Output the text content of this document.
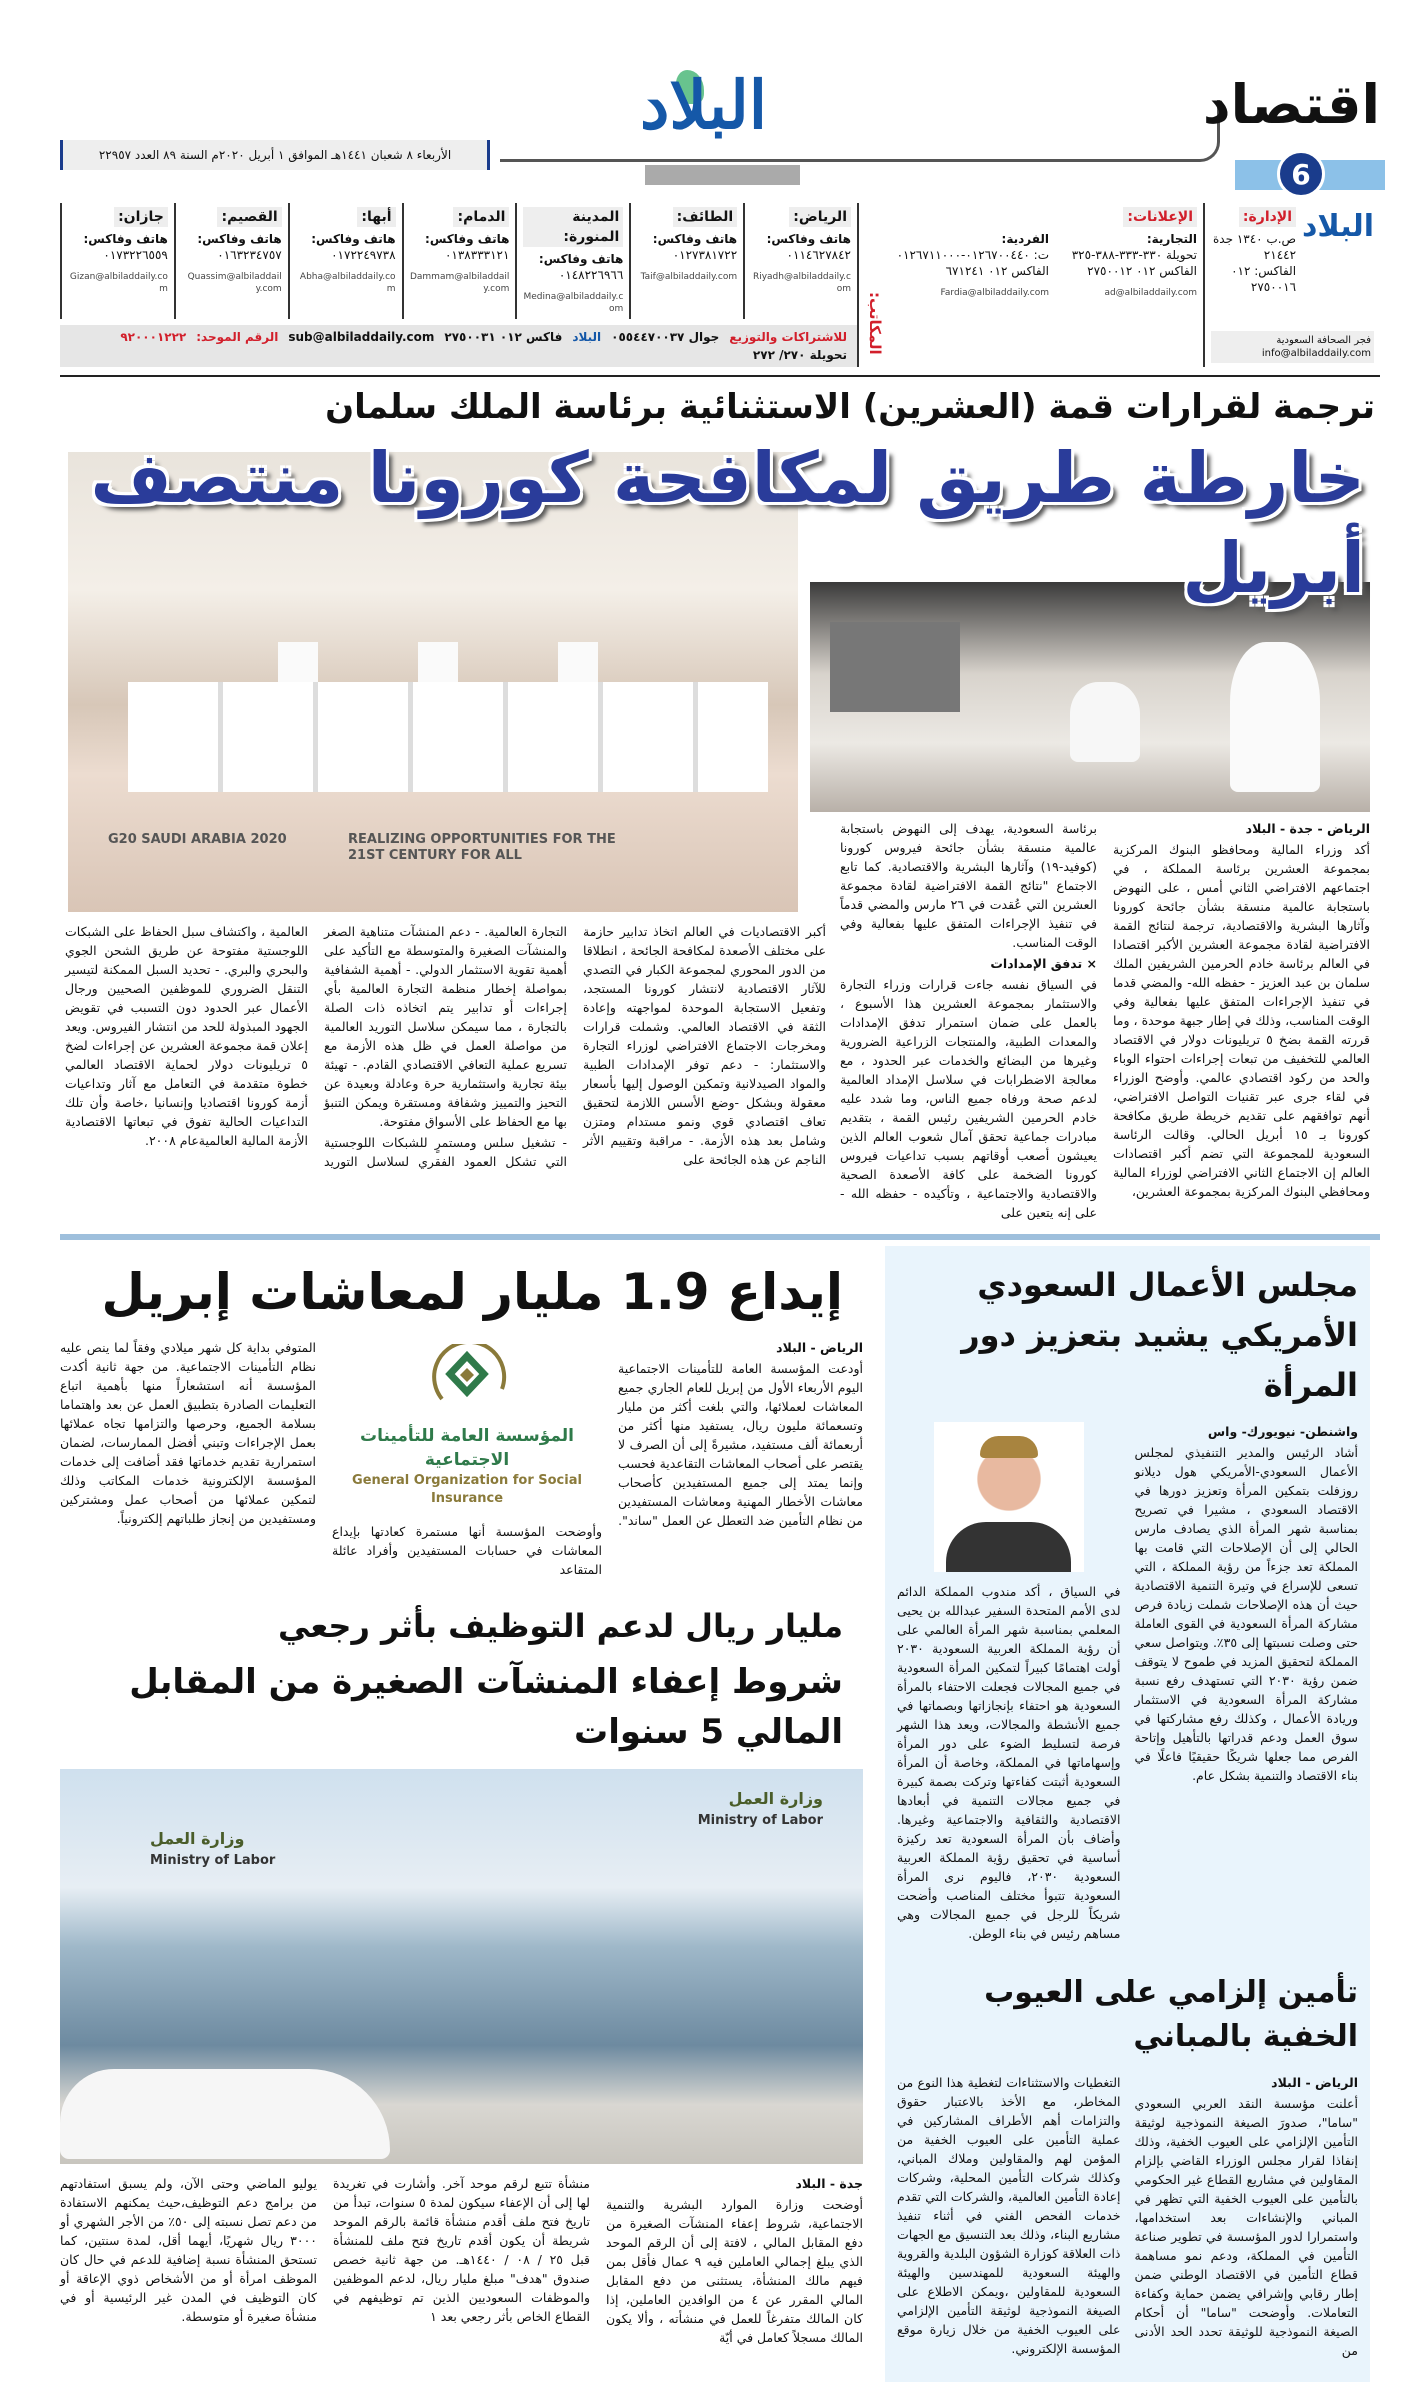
اقتصاد
6
البلاد
الأربعاء ٨ شعبان ١٤٤١هـ الموافق ١ أبريل ٢٠٢٠م السنة ٨٩ العدد ٢٢٩٥٧
البلاد
الإدارة:
ص.ب ١٣٤٠ جدة ٢١٤٤٢
الفاكس: ٠١٢ ٢٧٥٠٠١٦
فجر الصحافة السعودية
info@albiladdaily.com
الإعلانات:
التجارية:
تحويلة ٣٣٠-٣٣٣-٣٨٨-٣٢٥
الفاكس ٠١٢ ٢٧٥٠٠١٢
ad@albiladdaily.com
الفردية:
ت: ٠١٢٦٧٠٠٤٤٠-٠١٢٦٧١١٠٠٠
الفاكس ٠١٢ ٦٧١٢٤١
Fardia@albiladdaily.com
المكاتب:
الرياض:
هاتف وفاكس:
٠١١٤٦٢٧٨٤٢
Riyadh@albiladdaily.com
الطائف:
هاتف وفاكس:
٠١٢٧٣٨١٧٢٢
Taif@albiladdaily.com
المدينة المنورة:
هاتف وفاكس:
٠١٤٨٢٢٦٩٦٦
Medina@albiladdaily.com
الدمام:
هاتف وفاكس:
٠١٣٨٣٣٣١٢١
Dammam@albiladdaily.com
أبها:
هاتف وفاكس:
٠١٧٢٢٤٩٧٣٨
Abha@albiladdaily.com
القصيم:
هاتف وفاكس:
٠١٦٣٢٣٤٧٥٧
Quassim@albiladdaily.com
جازان:
هاتف وفاكس:
٠١٧٣٢٢٦٥٥٩
Gizan@albiladdaily.com
للاشتراكات والتوزيع
جوال ٠٥٥٤٤٧٠٠٣٧
البلاد
فاكس ٠١٢ ٢٧٥٠٠٣١
sub@albiladdaily.com
الرقم الموحد:
٩٢٠٠٠١٢٢٢
تحويلة ٢٧٠/ ٢٧٢
G20 SAUDI ARABIA 2020	REALIZING OPPORTUNITIES FOR THE 21ST CENTURY FOR ALL
ترجمة لقرارات قمة (العشرين) الاستثنائية برئاسة الملك سلمان
خارطة طريق لمكافحة كورونا منتصف أبريل

الرياض - جدة - البلاد

أكد وزراء المالية ومحافظو البنوك المركزية بمجموعة العشرين برئاسة المملكة ، في اجتماعهم الافتراضي الثاني أمس ، على النهوض باستجابة عالمية منسقة بشأن جائحة كورونا وآثارها البشرية والاقتصادية، ترجمة لنتائج القمة الافتراضية لقادة مجموعة العشرين الأكبر اقتصادا في العالم برئاسة خادم الحرمين الشريفين الملك سلمان بن عبد العزيز - حفظه الله- والمضي قدما في تنفيذ الإجراءات المتفق عليها بفعالية وفي الوقت المناسب، وذلك في إطار جبهة موحدة ، وما قررته القمة بضخ ٥ تريليونات دولار في الاقتصاد العالمي للتخفيف من تبعات إجراءات احتواء الوباء والحد من ركود اقتصادي عالمي. وأوضح الوزراء في لقاء جرى عبر تقنيات التواصل الافتراضي، أنهم توافقهم على تقديم خريطة طريق مكافحة كورونا بـ ١٥ أبريل الحالي. وقالت الرئاسة السعودية للمجموعة التي تضم أكبر اقتصادات العالم إن الاجتماع الثاني الافتراضي لوزراء المالية ومحافظي البنوك المركزية بمجموعة العشرين،

برئاسة السعودية، يهدف إلى النهوض باستجابة عالمية منسقة بشأن جائحة فيروس كورونا (كوفيد-١٩) وآثارها البشرية والاقتصادية. كما تابع الاجتماع "نتائج القمة الافتراضية لقادة مجموعة العشرين التي عُقدت في ٢٦ مارس والمضي قدماً في تنفيذ الإجراءات المتفق عليها بفعالية وفي الوقت المناسب.

× تدفق الإمدادات

في السياق نفسه جاءت قرارات وزراء التجارة والاستثمار بمجموعة العشرين هذا الأسبوع ، بالعمل على ضمان استمرار تدفق الإمدادات والمعدات الطبية، والمنتجات الزراعية الضرورية وغيرها من البضائع والخدمات عبر الحدود ، مع معالجة الاضطرابات في سلاسل الإمداد العالمية لدعم صحة ورفاه جميع الناس، وما شدد عليه خادم الحرمين الشريفين رئيس القمة ، بتقديم مبادرات جماعية تحقق آمال شعوب العالم الذين يعيشون أصعب أوقاتهم بسبب تداعيات فيروس كورونا الضخمة على كافة الأصعدة الصحية والاقتصادية والاجتماعية ، وتأكيده - حفظه الله - على إنه يتعين على

أكبر الاقتصاديات في العالم اتخاذ تدابير حازمة على مختلف الأصعدة لمكافحة الجائحة ، انطلاقا من الدور المحوري لمجموعة الكبار في التصدي للآثار الاقتصادية لانتشار كورونا المستجد، وتفعيل الاستجابة الموحدة لمواجهته وإعادة الثقة في الاقتصاد العالمي. وشملت قرارات ومخرجات الاجتماع الافتراضي لوزراء التجارة والاستثمار: - دعم توفر الإمدادات الطبية والمواد الصيدلانية وتمكين الوصول إليها بأسعار معقولة وبشكل -وضع الأسس اللازمة لتحقيق تعاف اقتصادي قوي ونمو مستدام ومتزن وشامل بعد هذه الأزمة. - مراقبة وتقييم الأثر الناجم عن هذه الجائحة على

التجارة العالمية. - دعم المنشآت متناهية الصغر والمنشآت الصغيرة والمتوسطة مع التأكيد على أهمية تقوية الاستثمار الدولي. - أهمية الشفافية بمواصلة إخطار منظمة التجارة العالمية بأي إجراءات أو تدابير يتم اتخاذه ذات الصلة بالتجارة ، مما سيمكن سلاسل التوريد العالمية من مواصلة العمل في ظل هذه الأزمة مع تسريع عملية التعافي الاقتصادي القادم. - تهيئة بيئة تجارية واستثمارية حرة وعادلة وبعيدة عن التحيز والتمييز وشفافة ومستقرة ويمكن التنبؤ بها مع الحفاظ على الأسواق مفتوحة.

- تشغيل سلس ومستمرٍ للشبكات اللوجستية التي تشكل العمود الفقري لسلاسل التوريد العالمية ، واكتشاف سبل الحفاظ على الشبكات اللوجستية مفتوحة عن طريق الشحن الجوي والبحري والبري. - تحديد السبل الممكنة لتيسير التنقل الضروري للموظفين الصحيين ورجال الأعمال عبر الحدود دون التسبب في تقويض الجهود المبذولة للحد من انتشار الفيروس. ويعد إعلان قمة مجموعة العشرين عن إجراءات لضخ ٥ تريليونات دولار لحماية الاقتصاد العالمي خطوة متقدمة في التعامل مع آثار وتداعيات أزمة كورونا اقتصاديا وإنسانيا ،خاصة وأن تلك التداعيات الحالية تفوق في تبعاتها الاقتصادية الأزمة المالية العالميةعام ٢٠٠٨.

مجلس الأعمال السعودي الأمريكي يشيد بتعزيز دور المرأة

واشنطن- نيويورك- واس

أشاد الرئيس والمدير التنفيذي لمجلس الأعمال السعودي-الأمريكي هول ديلانو روزفلت بتمكين المرأة وتعزيز دورها في الاقتصاد السعودي ، مشيرا في تصريح بمناسبة شهر المرأة الذي يصادف مارس الحالي إلى أن الإصلاحات التي قامت بها المملكة تعد جزءاً من رؤية المملكة ، التي تسعى للإسراع في وتيرة التنمية الاقتصادية حيث أن هذه الإصلاحات شملت زيادة فرص مشاركة المرأة السعودية في القوى العاملة حتى وصلت نسبتها إلى ٣٥٪. ويتواصل سعي المملكة لتحقيق المزيد في طموح لا يتوقف ضمن رؤية ٢٠٣٠ التي تستهدف رفع نسبة مشاركة المرأة السعودية في الاستثمار وريادة الأعمال ، وكذلك رفع مشاركتها في سوق العمل ودعم قدراتها بالتأهيل وإتاحة الفرص مما جعلها شريكًا حقيقيًا فاعلًا في بناء الاقتصاد والتنمية بشكل عام.

في السياق ، أكد مندوب المملكة الدائم لدى الأمم المتحدة السفير عبدالله بن يحيى المعلمي بمناسبة شهر المرأة العالمي على أن رؤية المملكة العربية السعودية ٢٠٣٠ أولت اهتمامًا كبيراً لتمكين المرأة السعودية في جميع المجالات فجعلت الاحتفاء بالمرأة السعودية هو احتفاء بإنجازاتها وبصماتها في جميع الأنشطة والمجالات، ويعد هذا الشهر فرصة لتسليط الضوء على دور المرأة وإسهاماتها في المملكة، وخاصة أن المرأة السعودية أثبتت كفاءتها وتركت بصمة كبيرة في جميع مجالات التنمية في أبعادها الاقتصادية والثقافية والاجتماعية وغيرها. وأضاف بأن المرأة السعودية تعد ركيزة أساسية في تحقيق رؤية المملكة العربية السعودية ٢٠٣٠، فاليوم نرى المرأة السعودية تتبوأ مختلف المناصب وأضحت شريكاً للرجل في جميع المجالات وهي مساهم رئيس في بناء الوطن.

تأمين إلزامي على العيوب الخفية بالمباني

الرياض - البلاد

أعلنت مؤسسة النقد العربي السعودي "ساما"، صدورَ الصيغة النموذجية لوثيقة التأمين الإلزامي على العيوب الخفية، وذلك إنفاذا لقرار مجلس الوزراء القاضي بإلزام المقاولين في مشاريع القطاع غير الحكومي بالتأمين على العيوب الخفية التي تظهر في المباني والإنشاءات بعد استخدامها، واستمرارا لدور المؤسسة في تطوير صناعة التأمين في المملكة، ودعم نمو مساهمة قطاع التأمين في الاقتصاد الوطني ضمن إطار رقابي وإشرافي يضمن حماية وكفاءة التعاملات. وأوضحت "ساما" أن أحكام الصيغة النموذجية للوثيقة تحدد الحد الأدنى من

التغطيات والاستثناءات لتغطية هذا النوع من المخاطر، مع الأخذ بالاعتبار حقوق والتزامات أهم الأطراف المشاركين في عملية التأمين على العيوب الخفية من المؤمن لهم والمقاولين وملاك المباني، وكذلك شركات التأمين المحلية، وشركات إعادة التأمين العالمية، والشركات التي تقدم خدمات الفحص الفني في أثناء تنفيذ مشاريع البناء، وذلك بعد التنسيق مع الجهات ذات العلاقة كوزارة الشؤون البلدية والقروية والهيئة السعودية للمهندسين والهيئة السعودية للمقاولين ،ويمكن الاطلاع على الصيغة النموذجية لوثيقة التأمين الإلزامي على العيوب الخفية من خلال زيارة موقع المؤسسة الإلكتروني.

إيداع 1.9 مليار لمعاشات إبريل

الرياض - البلاد

أودعت المؤسسة العامة للتأمينات الاجتماعية اليوم الأربعاء الأول من إبريل للعام الجاري جميع المعاشات لعملائها، والتي بلغت أكثر من مليار وتسعمائة مليون ريال، يستفيد منها أكثر من أربعمائة ألف مستفيد، مشيرةً إلى أن الصرف لا يقتصر على أصحاب المعاشات التقاعدية فحسب وإنما يمتد إلى جميع المستفيدين كأصحاب معاشات الأخطار المهنية ومعاشات المستفيدين من نظام التأمين ضد التعطل عن العمل "ساند".

المؤسسة العامة للتأمينات الاجتماعية
General Organization for Social Insurance

وأوضحت المؤسسة أنها مستمرة كعادتها بإيداع المعاشات في حسابات المستفيدين وأفراد عائلة المتقاعد

المتوفي بداية كل شهر ميلادي وفقاً لما ينص عليه نظام التأمينات الاجتماعية. من جهة ثانية أكدت المؤسسة أنه استشعاراً منها بأهمية اتباع التعليمات الصادرة بتطبيق العمل عن بعد واهتماما بسلامة الجميع، وحرصها والتزامها تجاه عملائها بعمل الإجراءات وتبني أفضل الممارسات، لضمان استمرارية تقديم خدماتها فقد أضافت إلى خدمات المؤسسة الإلكترونية خدمات المكاتب وذلك لتمكين عملائها من أصحاب عمل ومشتركين ومستفيدين من إنجاز طلباتهم إلكترونياً.

مليار ريال لدعم التوظيف بأثر رجعي
شروط إعفاء المنشآت الصغيرة من المقابل المالي 5 سنوات
وزارة العمل
Ministry of Labor
وزارة العمل
Ministry of Labor

جدة - البلاد

أوضحت وزارة الموارد البشرية والتنمية الاجتماعية، شروط إعفاء المنشآت الصغيرة من دفع المقابل المالي ، لافتة إلى أن الرقم الموحد الذي يبلغ إجمالي العاملين فيه ٩ عمال فأقل بمن فيهم مالك المنشأة، يستثنى من دفع المقابل المالي المقرر عن ٤ من الوافدين العاملين، إذا كان المالك متفرغاً للعمل في منشأته ، وألا يكون المالك مسجلاً كعامل في أيّة

منشأة تتبع لرقم موحد آخر. وأشارت في تغريدة لها إلى أن الإعفاء سيكون لمدة ٥ سنوات، تبدأ من تاريخ فتح ملف أقدم منشأة قائمة بالرقم الموحد شريطة أن يكون أقدم تاريخ فتح ملف للمنشأة قبل ٢٥ / ٠٨ / ١٤٤٠هـ. من جهة ثانية خصص صندوق "هدف" مبلغ مليار ريال، لدعم الموظفين والموظفات السعوديين الذين تم توظيفهم في القطاع الخاص بأثر رجعي بعد ١

يوليو الماضي وحتى الآن، ولم يسبق استفادتهم من برامج دعم التوظيف،حيث يمكنهم الاستفادة من دعم تصل نسبته إلى ٥٠٪ من الأجر الشهري أو ٣٠٠٠ ريال شهريًا، أيهما أقل، لمدة سنتين، كما تستحق المنشأة نسبة إضافية للدعم في حال كان الموظف امرأة أو من الأشخاص ذوي الإعاقة أو كان التوظيف في المدن غير الرئيسية أو في منشأة صغيرة أو متوسطة.
